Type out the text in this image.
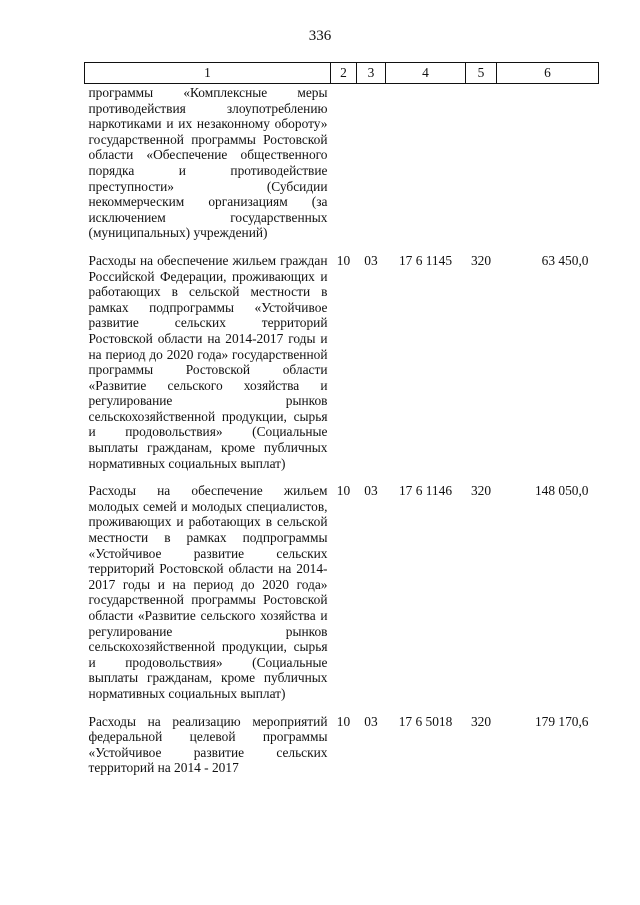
336
1	2	3	4	5	6
программы «Комплексные меры противодействия злоупотреблению наркотиками и их незаконному обороту» государственной программы Ростовской области «Обеспечение общественного порядка и противодействие преступности» (Субсидии некоммерческим организациям (за исключением государственных (муниципальных) учреждений)					
Расходы на обеспечение жильем граждан Российской Федерации, проживающих и работающих в сельской местности в рамках подпрограммы «Устойчивое развитие сельских территорий Ростовской области на 2014-2017 годы и на период до 2020 года» государственной программы Ростовской области «Развитие сельского хозяйства и регулирование рынков сельскохозяйственной продукции, сырья и продовольствия» (Социальные выплаты гражданам, кроме публичных нормативных социальных выплат)	10	03	17 6 1145	320	63 450,0
Расходы на обеспечение жильем молодых семей и молодых специалистов, проживающих и работающих в сельской местности в рамках подпрограммы «Устойчивое развитие сельских территорий Ростовской области на 2014-2017 годы и на период до 2020 года» государственной программы Ростовской области «Развитие сельского хозяйства и регулирование рынков сельскохозяйственной продукции, сырья и продовольствия» (Социальные выплаты гражданам, кроме публичных нормативных социальных выплат)	10	03	17 6 1146	320	148 050,0
Расходы на реализацию мероприятий федеральной целевой программы «Устойчивое развитие сельских территорий на 2014 - 2017	10	03	17 6 5018	320	179 170,6
